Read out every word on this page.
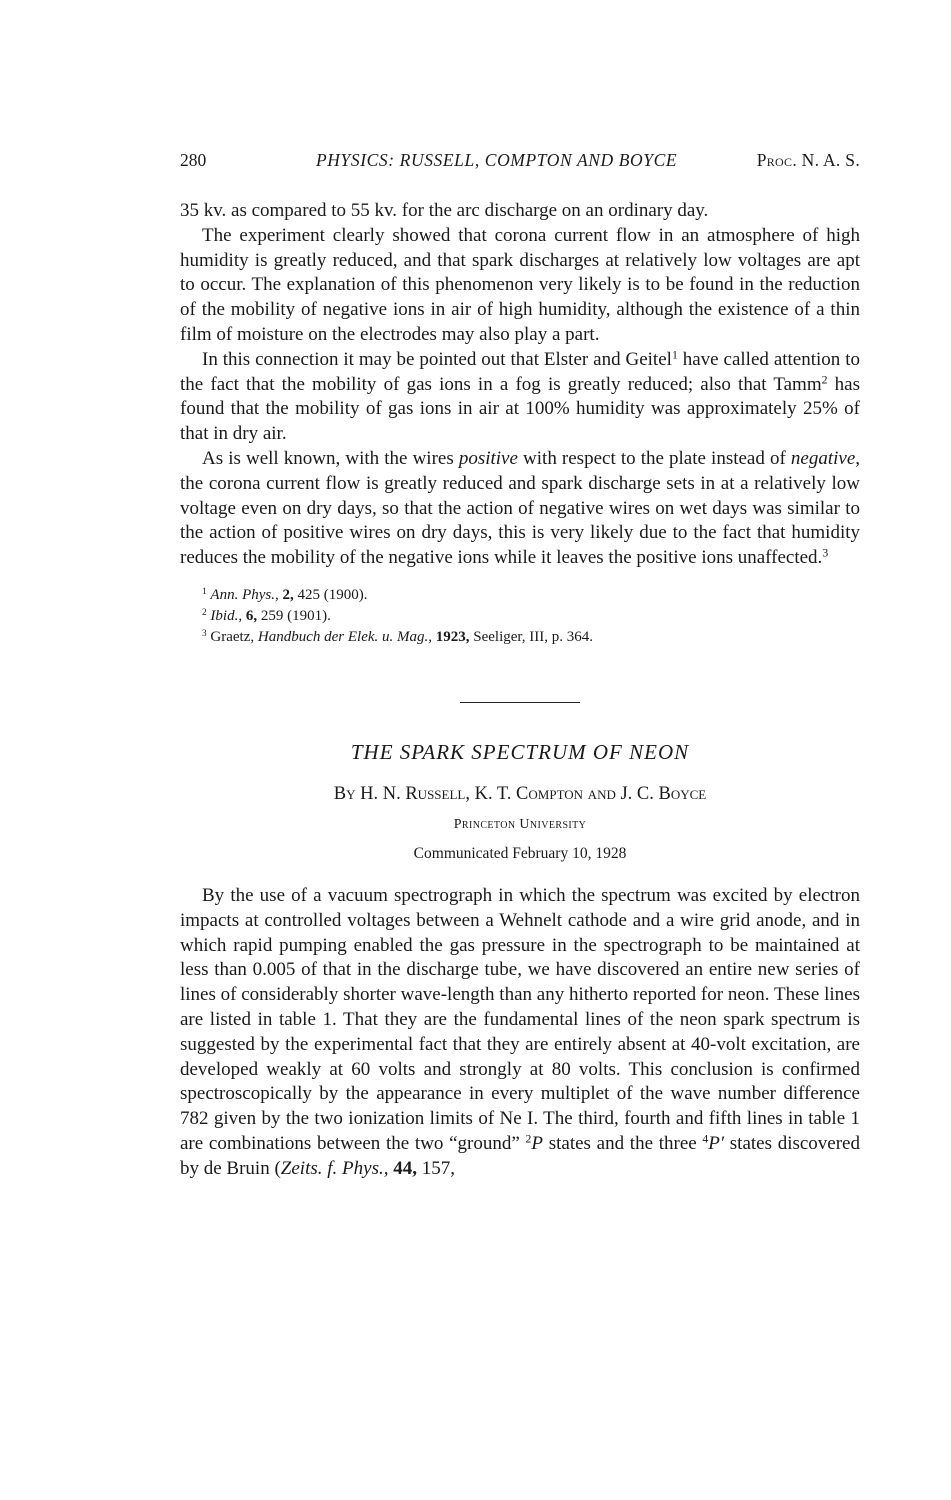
280	PHYSICS: RUSSELL, COMPTON AND BOYCE	Proc. N. A. S.

35 kv. as compared to 55 kv. for the arc discharge on an ordinary day.

The experiment clearly showed that corona current flow in an atmosphere of high humidity is greatly reduced, and that spark discharges at relatively low voltages are apt to occur. The explanation of this phenomenon very likely is to be found in the reduction of the mobility of negative ions in air of high humidity, although the existence of a thin film of moisture on the electrodes may also play a part.

In this connection it may be pointed out that Elster and Geitel$^1$ have called attention to the fact that the mobility of gas ions in a fog is greatly reduced; also that Tamm$^2$ has found that the mobility of gas ions in air at 100% humidity was approximately 25% of that in dry air.

As is well known, with the wires positive with respect to the plate instead of negative, the corona current flow is greatly reduced and spark discharge sets in at a relatively low voltage even on dry days, so that the action of negative wires on wet days was similar to the action of positive wires on dry days, this is very likely due to the fact that humidity reduces the mobility of the negative ions while it leaves the positive ions unaffected.$^3$

$^1$ Ann. Phys., 2, 425 (1900).
$^2$ Ibid., 6, 259 (1901).
$^3$ Graetz, Handbuch der Elek. u. Mag., 1923, Seeliger, III, p. 364.
THE SPARK SPECTRUM OF NEON
By H. N. Russell, K. T. Compton and J. C. Boyce
Princeton University
Communicated February 10, 1928

By the use of a vacuum spectrograph in which the spectrum was excited by electron impacts at controlled voltages between a Wehnelt cathode and a wire grid anode, and in which rapid pumping enabled the gas pressure in the spectrograph to be maintained at less than 0.005 of that in the discharge tube, we have discovered an entire new series of lines of considerably shorter wave-length than any hitherto reported for neon. These lines are listed in table 1. That they are the fundamental lines of the neon spark spectrum is suggested by the experimental fact that they are entirely absent at 40-volt excitation, are developed weakly at 60 volts and strongly at 80 volts. This conclusion is confirmed spectroscopically by the appearance in every multiplet of the wave number difference 782 given by the two ionization limits of Ne I. The third, fourth and fifth lines in table 1 are combinations between the two “ground” $^2$P states and the three $^4$P′ states discovered by de Bruin (Zeits. f. Phys., 44, 157,
